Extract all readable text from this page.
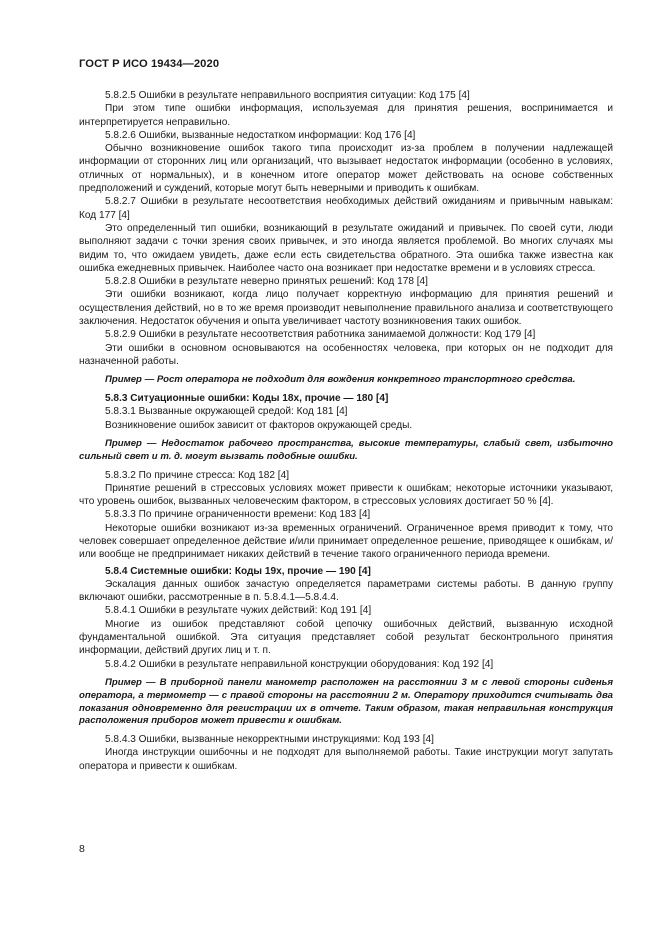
ГОСТ Р ИСО 19434—2020

5.8.2.5 Ошибки в результате неправильного восприятия ситуации: Код 175 [4]

При этом типе ошибки информация, используемая для принятия решения, воспринимается и интерпретируется неправильно.

5.8.2.6 Ошибки, вызванные недостатком информации: Код 176 [4]

Обычно возникновение ошибок такого типа происходит из-за проблем в получении надлежащей информации от сторонних лиц или организаций, что вызывает недостаток информации (особенно в условиях, отличных от нормальных), и в конечном итоге оператор может действовать на основе собственных предположений и суждений, которые могут быть неверными и приводить к ошибкам.

5.8.2.7 Ошибки в результате несоответствия необходимых действий ожиданиям и привычным навыкам: Код 177 [4]

Это определенный тип ошибки, возникающий в результате ожиданий и привычек. По своей сути, люди выполняют задачи с точки зрения своих привычек, и это иногда является проблемой. Во многих случаях мы видим то, что ожидаем увидеть, даже если есть свидетельства обратного. Эта ошибка также известна как ошибка ежедневных привычек. Наиболее часто она возникает при недостатке времени и в условиях стресса.

5.8.2.8 Ошибки в результате неверно принятых решений: Код 178 [4]

Эти ошибки возникают, когда лицо получает корректную информацию для принятия решений и осуществления действий, но в то же время производит невыполнение правильного анализа и соответствующего заключения. Недостаток обучения и опыта увеличивает частоту возникновения таких ошибок.

5.8.2.9 Ошибки в результате несоответствия работника занимаемой должности: Код 179 [4]

Эти ошибки в основном основываются на особенностях человека, при которых он не подходит для назначенной работы.

Пример — Рост оператора не подходит для вождения конкретного транспортного средства.

5.8.3 Ситуационные ошибки: Коды 18х, прочие — 180 [4]

5.8.3.1 Вызванные окружающей средой: Код 181 [4]

Возникновение ошибок зависит от факторов окружающей среды.

Пример — Недостаток рабочего пространства, высокие температуры, слабый свет, избыточно сильный свет и т. д. могут вызвать подобные ошибки.

5.8.3.2 По причине стресса: Код 182 [4]

Принятие решений в стрессовых условиях может привести к ошибкам; некоторые источники указывают, что уровень ошибок, вызванных человеческим фактором, в стрессовых условиях достигает 50 % [4].

5.8.3.3 По причине ограниченности времени: Код 183 [4]

Некоторые ошибки возникают из-за временных ограничений. Ограниченное время приводит к тому, что человек совершает определенное действие и/или принимает определенное решение, приводящее к ошибкам, и/или вообще не предпринимает никаких действий в течение такого ограниченного периода времени.

5.8.4 Системные ошибки: Коды 19х, прочие — 190 [4]

Эскалация данных ошибок зачастую определяется параметрами системы работы. В данную группу включают ошибки, рассмотренные в п. 5.8.4.1—5.8.4.4.

5.8.4.1 Ошибки в результате чужих действий: Код 191 [4]

Многие из ошибок представляют собой цепочку ошибочных действий, вызванную исходной фундаментальной ошибкой. Эта ситуация представляет собой результат бесконтрольного принятия информации, действий других лиц и т. п.

5.8.4.2 Ошибки в результате неправильной конструкции оборудования: Код 192 [4]

Пример — В приборной панели манометр расположен на расстоянии 3 м с левой стороны сиденья оператора, а термометр — с правой стороны на расстоянии 2 м. Оператору приходится считывать два показания одновременно для регистрации их в отчете. Таким образом, такая неправильная конструкция расположения приборов может привести к ошибкам.

5.8.4.3 Ошибки, вызванные некорректными инструкциями: Код 193 [4]

Иногда инструкции ошибочны и не подходят для выполняемой работы. Такие инструкции могут запутать оператора и привести к ошибкам.

8
